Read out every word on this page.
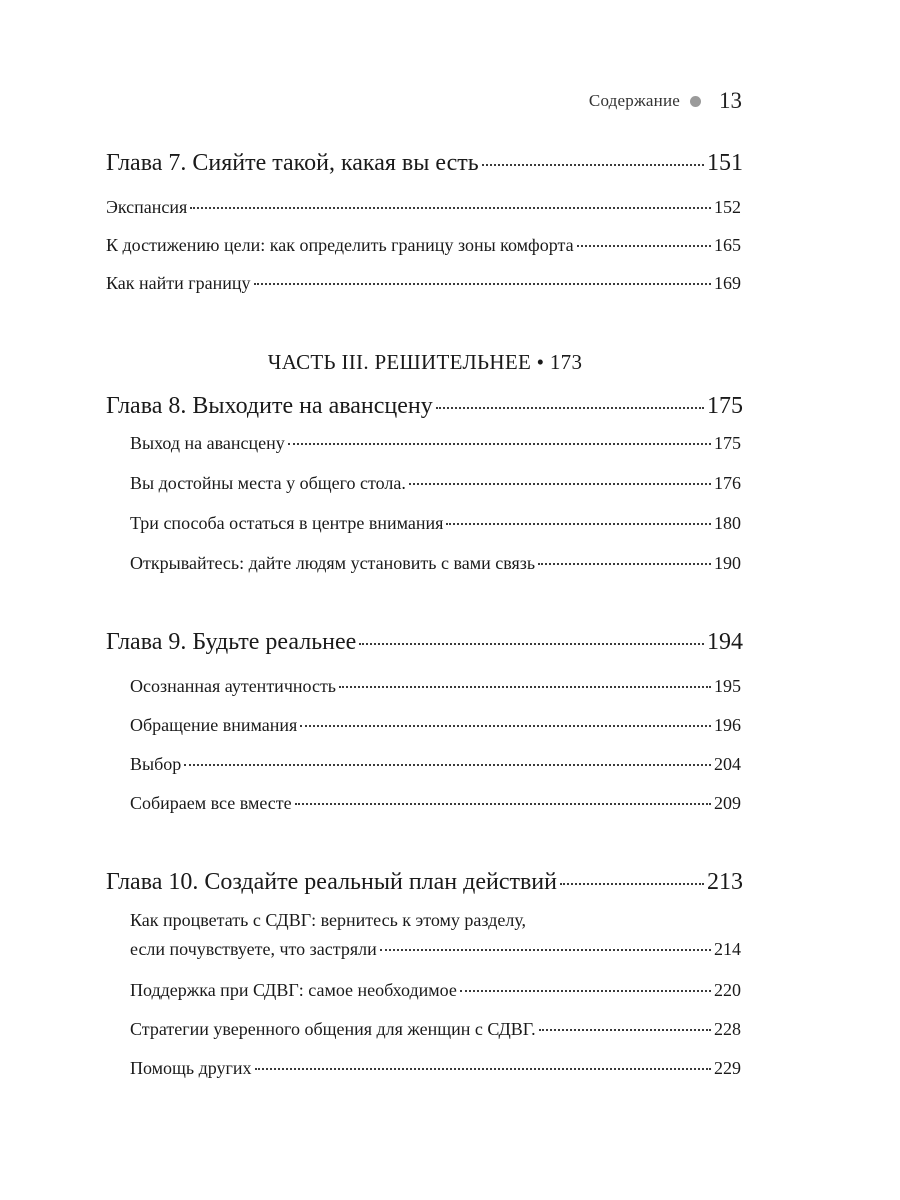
Содержание 13
Глава 7. Сияйте такой, какая вы есть	151
Экспансия	152
К достижению цели: как определить границу зоны комфорта	165
Как найти границу	169
ЧАСТЬ III. РЕШИТЕЛЬНЕЕ • 173
Глава 8. Выходите на авансцену	175
Выход на авансцену	175
Вы достойны места у общего стола.	176
Три способа остаться в центре внимания	180
Открывайтесь: дайте людям установить с вами связь	190
Глава 9. Будьте реальнее	194
Осознанная аутентичность	195
Обращение внимания	196
Выбор	204
Собираем все вместе	209
Глава 10. Создайте реальный план действий	213
Как процветать с СДВГ: вернитесь к этому разделу,
если почувствуете, что застряли	214
Поддержка при СДВГ: самое необходимое	220
Стратегии уверенного общения для женщин с СДВГ.	228
Помощь других	229
